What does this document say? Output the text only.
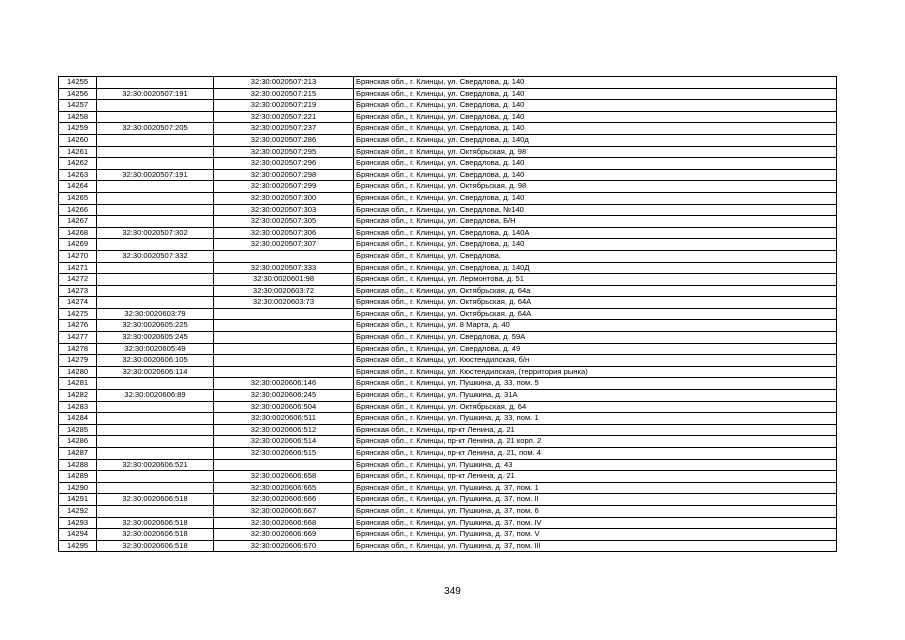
14255		32:30:0020507:213	Брянская обл., г. Клинцы, ул. Свердлова, д. 140
14256	32:30:0020507:191	32:30:0020507:215	Брянская обл., г. Клинцы, ул. Свердлова, д. 140
14257		32:30:0020507:219	Брянская обл., г. Клинцы, ул. Свердлова, д. 140
14258		32:30:0020507:221	Брянская обл., г. Клинцы, ул. Свердлова, д. 140
14259	32:30:0020507:205	32:30:0020507:237	Брянская обл., г. Клинцы, ул. Свердлова, д. 140
14260		32:30:0020507:286	Брянская обл., г. Клинцы, ул. Свердлова, д. 140д
14261		32:30:0020507:295	Брянская обл., г. Клинцы, ул. Октябрьская, д. 98
14262		32:30:0020507:296	Брянская обл., г. Клинцы, ул. Свердлова, д. 140
14263	32:30:0020507:191	32:30:0020507:298	Брянская обл., г. Клинцы, ул. Свердлова, д. 140
14264		32:30:0020507:299	Брянская обл., г. Клинцы, ул. Октябрьская, д. 98
14265		32:30:0020507:300	Брянская обл., г. Клинцы, ул. Свердлова, д. 140
14266		32:30:0020507:303	Брянская обл., г. Клинцы, ул. Свердлова, №140
14267		32:30:0020507:305	Брянская обл., г. Клинцы, ул. Свердлова, Б/Н
14268	32:30:0020507:302	32:30:0020507:306	Брянская обл., г. Клинцы, ул. Свердлова, д. 140А
14269		32:30:0020507:307	Брянская обл., г. Клинцы, ул. Свердлова, д. 140
14270	32:30:0020507:332		Брянская обл., г. Клинцы, ул. Свердлова,
14271		32:30:0020507:333	Брянская обл., г. Клинцы, ул. Свердлова, д. 140Д
14272		32:30:0020601:98	Брянская обл., г. Клинцы, ул. Лермонтова, д. 51
14273		32:30:0020603:72	Брянская обл., г. Клинцы, ул. Октябрьская, д. 64а
14274		32:30:0020603:73	Брянская обл., г. Клинцы, ул. Октябрьская, д. 64А
14275	32:30:0020603:79		Брянская обл., г. Клинцы, ул. Октябрьская, д. 64А
14276	32:30:0020605:225		Брянская обл., г. Клинцы, ул. 8 Марта, д. 40
14277	32:30:0020605:245		Брянская обл., г. Клинцы, ул. Свердлова, д. 59А
14278	32:30:0020605:49		Брянская обл., г. Клинцы, ул. Свердлова, д. 49
14279	32:30:0020606:105		Брянская обл., г. Клинцы, ул. Кюстендилская, б/н
14280	32:30:0020606:114		Брянская обл., г. Клинцы, ул. Кюстендилская, (территория рынка)
14281		32:30:0020606:146	Брянская обл., г. Клинцы, ул. Пушкина, д. 33, пом. 5
14282	32:30:0020606:89	32:30:0020606:245	Брянская обл., г. Клинцы, ул. Пушкина, д. 31А
14283		32:30:0020606:504	Брянская обл., г. Клинцы, ул. Октябрьская, д. 64
14284		32:30:0020606:511	Брянская обл., г. Клинцы, ул. Пушкина, д. 33, пом. 1
14285		32:30:0020606:512	Брянская обл., г. Клинцы, пр-кт Ленина, д. 21
14286		32:30:0020606:514	Брянская обл., г. Клинцы, пр-кт Ленина, д. 21 корп. 2
14287		32:30:0020606:515	Брянская обл., г. Клинцы, пр-кт Ленина, д. 21, пом. 4
14288	32:30:0020606:521		Брянская обл., г. Клинцы, ул. Пушкина, д. 43
14289		32:30:0020606:658	Брянская обл., г. Клинцы, пр-кт Ленина, д. 21
14290		32:30:0020606:665	Брянская обл., г. Клинцы, ул. Пушкина, д. 37, пом. 1
14291	32:30:0020606:518	32:30:0020606:666	Брянская обл., г. Клинцы, ул. Пушкина, д. 37, пом. II
14292		32:30:0020606:667	Брянская обл., г. Клинцы, ул. Пушкина, д. 37, пом. 6
14293	32:30:0020606:518	32:30:0020606:668	Брянская обл., г. Клинцы, ул. Пушкина, д. 37, пом. IV
14294	32:30:0020606:518	32:30:0020606:669	Брянская обл., г. Клинцы, ул. Пушкина, д. 37, пом. V
14295	32:30:0020606:518	32:30:0020606:670	Брянская обл., г. Клинцы, ул. Пушкина, д. 37, пом. III
349
